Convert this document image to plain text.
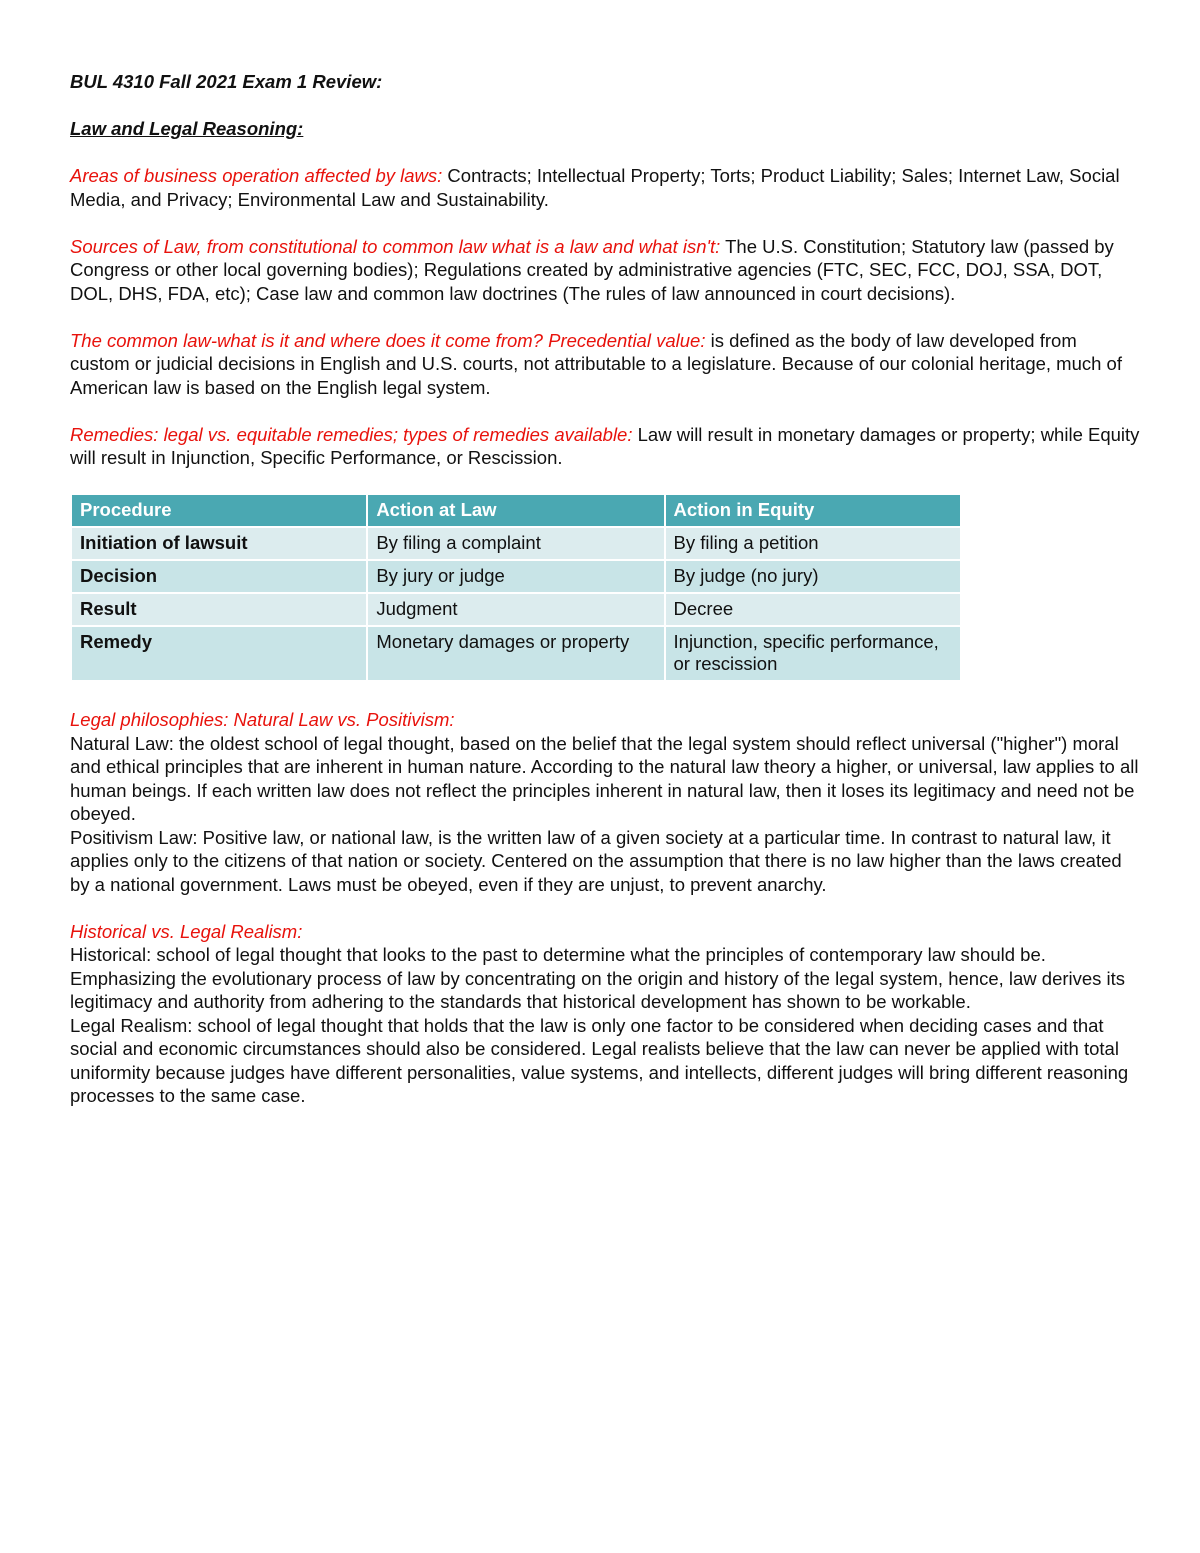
BUL 4310 Fall 2021 Exam 1 Review:
Law and Legal Reasoning:

Areas of business operation affected by laws: Contracts; Intellectual Property; Torts; Product Liability; Sales; Internet Law, Social Media, and Privacy; Environmental Law and Sustainability.

Sources of Law, from constitutional to common law what is a law and what isn't: The U.S. Constitution; Statutory law (passed by Congress or other local governing bodies); Regulations created by administrative agencies (FTC, SEC, FCC, DOJ, SSA, DOT, DOL, DHS, FDA, etc); Case law and common law doctrines (The rules of law announced in court decisions).

The common law-what is it and where does it come from? Precedential value: is defined as the body of law developed from custom or judicial decisions in English and U.S. courts, not attributable to a legislature. Because of our colonial heritage, much of American law is based on the English legal system.

Remedies: legal vs. equitable remedies; types of remedies available: Law will result in monetary damages or property; while Equity will result in Injunction, Specific Performance, or Rescission.

Procedure	Action at Law	Action in Equity
Initiation of lawsuit	By filing a complaint	By filing a petition
Decision	By jury or judge	By judge (no jury)
Result	Judgment	Decree
Remedy	Monetary damages or property	Injunction, specific performance, or rescission
Legal philosophies: Natural Law vs. Positivism:

Natural Law: the oldest school of legal thought, based on the belief that the legal system should reflect universal ("higher") moral and ethical principles that are inherent in human nature. According to the natural law theory a higher, or universal, law applies to all human beings. If each written law does not reflect the principles inherent in natural law, then it loses its legitimacy and need not be obeyed.

Positivism Law: Positive law, or national law, is the written law of a given society at a particular time. In contrast to natural law, it applies only to the citizens of that nation or society. Centered on the assumption that there is no law higher than the laws created by a national government. Laws must be obeyed, even if they are unjust, to prevent anarchy.

Historical vs. Legal Realism:

Historical: school of legal thought that looks to the past to determine what the principles of contemporary law should be. Emphasizing the evolutionary process of law by concentrating on the origin and history of the legal system, hence, law derives its legitimacy and authority from adhering to the standards that historical development has shown to be workable.

Legal Realism: school of legal thought that holds that the law is only one factor to be considered when deciding cases and that social and economic circumstances should also be considered. Legal realists believe that the law can never be applied with total uniformity because judges have different personalities, value systems, and intellects, different judges will bring different reasoning processes to the same case.
